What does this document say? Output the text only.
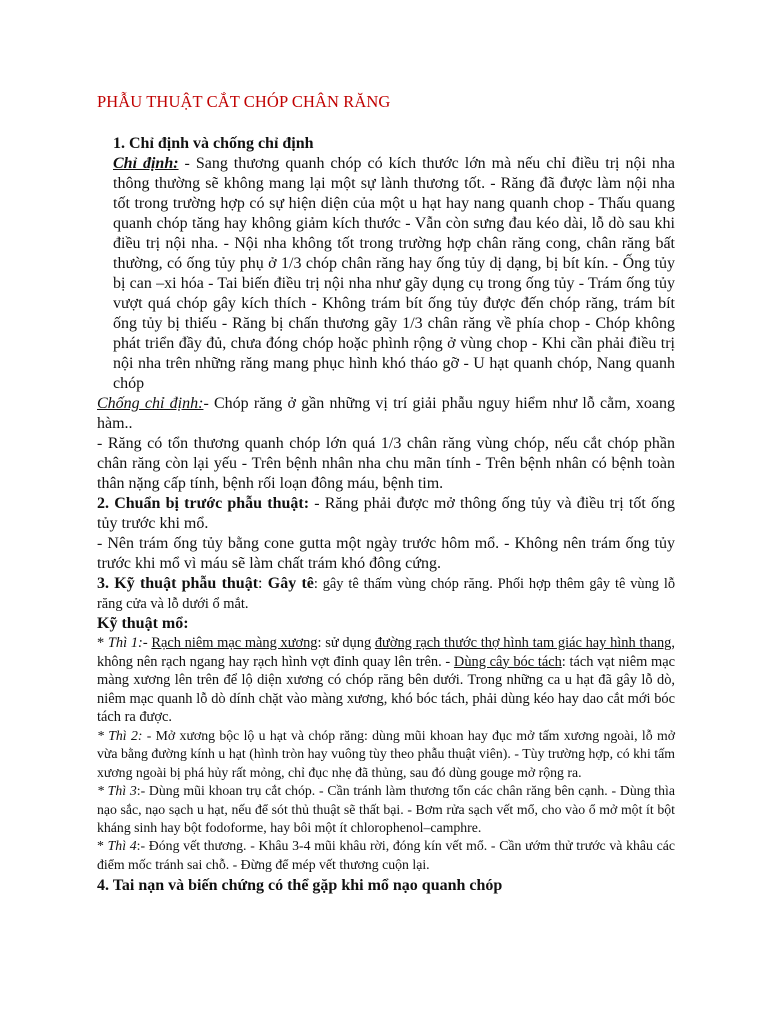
PHẪU THUẬT CẮT CHÓP CHÂN RĂNG
1. Chỉ định và chống chỉ định
Chỉ định: - Sang thương quanh chóp có kích thước lớn mà nếu chỉ điều trị nội nha thông thường sẽ không mang lại một sự lành thương tốt. - Răng đã được làm nội nha tốt trong trường hợp có sự hiện diện của một u hạt hay nang quanh chop - Thấu quang quanh chóp tăng hay không giảm kích thước - Vẫn còn sưng đau kéo dài, lỗ dò sau khi điều trị nội nha. - Nội nha không tốt trong trường hợp chân răng cong, chân răng bất thường, có ống tủy phụ ở 1/3 chóp chân răng hay ống tủy dị dạng, bị bít kín. - Ống tủy bị can –xi hóa - Tai biến điều trị nội nha như gãy dụng cụ trong ống tủy - Trám ống tủy vượt quá chóp gây kích thích - Không trám bít ống tủy được đến chóp răng, trám bít ống tủy bị thiếu - Răng bị chấn thương gãy 1/3 chân răng về phía chop - Chóp không phát triển đầy đủ, chưa đóng chóp hoặc phình rộng ở vùng chop - Khi cần phải điều trị nội nha trên những răng mang phục hình khó tháo gỡ - U hạt quanh chóp, Nang quanh chóp
Chống chỉ định:- Chóp răng ở gần những vị trí giải phẫu nguy hiểm như lỗ cằm, xoang hàm..
- Răng có tổn thương quanh chóp lớn quá 1/3 chân răng vùng chóp, nếu cắt chóp phần chân răng còn lại yếu - Trên bệnh nhân nha chu mãn tính - Trên bệnh nhân có bệnh toàn thân nặng cấp tính, bệnh rối loạn đông máu, bệnh tim.
2. Chuẩn bị trước phẫu thuật: - Răng phải được mở thông ống tủy và điều trị tốt ống tủy trước khi mổ.
- Nên trám ống tủy bằng cone gutta một ngày trước hôm mổ. - Không nên trám ống tủy trước khi mổ vì máu sẽ làm chất trám khó đông cứng.
3. Kỹ thuật phẫu thuật: Gây tê: gây tê thấm vùng chóp răng. Phối hợp thêm gây tê vùng lỗ răng cửa và lỗ dưới ổ mắt.
Kỹ thuật mổ:
* Thì 1:- Rạch niêm mạc màng xương: sử dụng đường rạch thước thợ hình tam giác hay hình thang, không nên rạch ngang hay rạch hình vợt đỉnh quay lên trên. - Dùng cây bóc tách: tách vạt niêm mạc màng xương lên trên để lộ diện xương có chóp răng bên dưới. Trong những ca u hạt đã gây lỗ dò, niêm mạc quanh lỗ dò dính chặt vào màng xương, khó bóc tách, phải dùng kéo hay dao cắt mới bóc tách ra được.
* Thì 2: - Mở xương bộc lộ u hạt và chóp răng: dùng mũi khoan hay đục mở tấm xương ngoài, lỗ mở vừa bằng đường kính u hạt (hình tròn hay vuông tùy theo phẫu thuật viên). - Tùy trường hợp, có khi tấm xương ngoài bị phá hủy rất mỏng, chỉ đục nhẹ đã thủng, sau đó dùng gouge mở rộng ra.
* Thì 3:- Dùng mũi khoan trụ cắt chóp. - Cần tránh làm thương tổn các chân răng bên cạnh. - Dùng thìa nạo sắc, nạo sạch u hạt, nếu để sót thủ thuật sẽ thất bại. - Bơm rửa sạch vết mổ, cho vào ổ mở một ít bột kháng sinh hay bột fodoforme, hay bôi một ít chlorophenol–camphre.
* Thì 4:- Đóng vết thương. - Khâu 3-4 mũi khâu rời, đóng kín vết mổ. - Cần ướm thử trước và khâu các điểm mốc tránh sai chỗ. - Đừng để mép vết thương cuộn lại.
4. Tai nạn và biến chứng có thể gặp khi mổ nạo quanh chóp
